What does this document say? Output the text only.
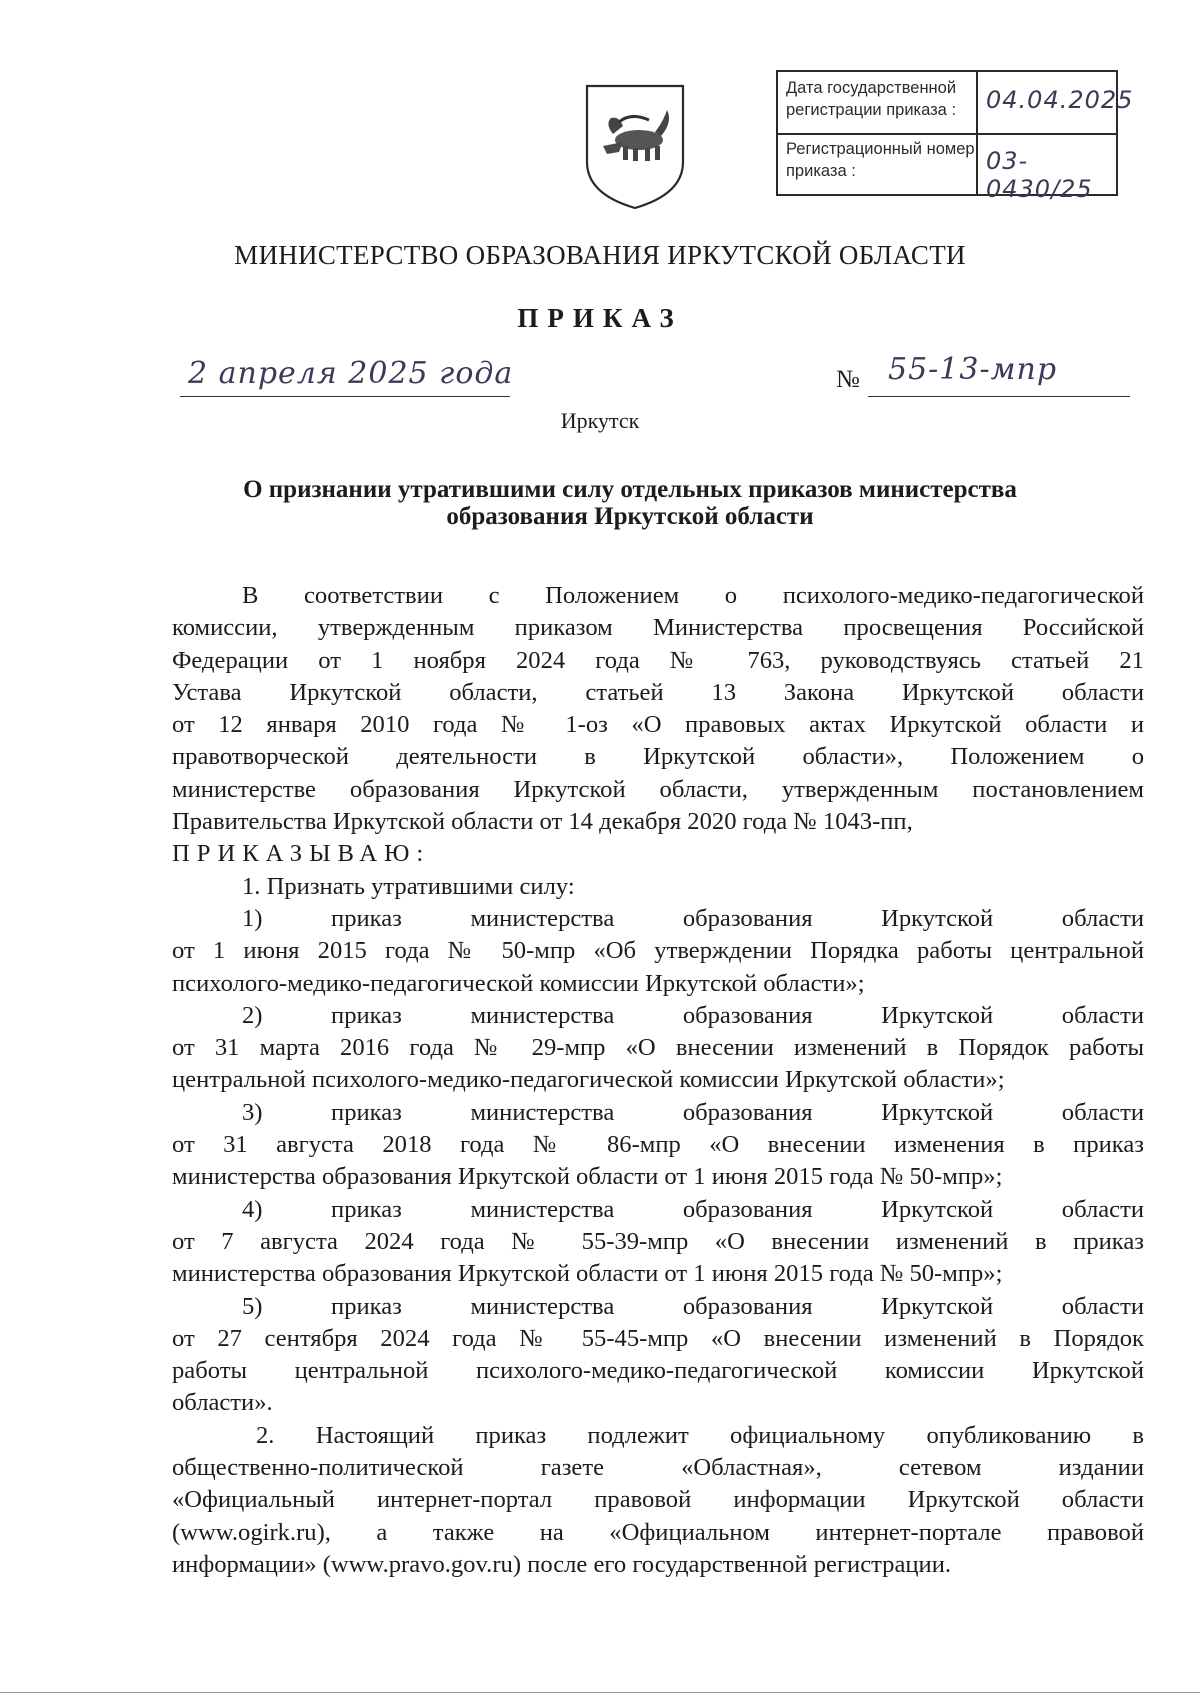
Дата государственной регистрации приказа :	04.04.2025
Регистрационный номер приказа :	03-0430/25
МИНИСТЕРСТВО ОБРАЗОВАНИЯ ИРКУТСКОЙ ОБЛАСТИ
ПРИКАЗ
2 апреля 2025 года	№ 55-13-мпр
Иркутск
О признании утратившими силу отдельных приказов министерства
образования Иркутской области

В соответствии с Положением о психолого-медико-педагогической

комиссии, утвержденным приказом Министерства просвещения Российской

Федерации от 1 ноября 2024 года № 763, руководствуясь статьей 21

Устава Иркутской области, статьей 13 Закона Иркутской области

от 12 января 2010 года № 1-оз «О правовых актах Иркутской области и

правотворческой деятельности в Иркутской области», Положением о

министерстве образования Иркутской области, утвержденным постановлением

Правительства Иркутской области от 14 декабря 2020 года № 1043-пп,

ПРИКАЗЫВАЮ:

1. Признать утратившими силу:

1) приказ министерства образования Иркутской области

от 1 июня 2015 года № 50-мпр «Об утверждении Порядка работы центральной

психолого-медико-педагогической комиссии Иркутской области»;

2) приказ министерства образования Иркутской области

от 31 марта 2016 года № 29-мпр «О внесении изменений в Порядок работы

центральной психолого-медико-педагогической комиссии Иркутской области»;

3) приказ министерства образования Иркутской области

от 31 августа 2018 года № 86-мпр «О внесении изменения в приказ

министерства образования Иркутской области от 1 июня 2015 года № 50-мпр»;

4) приказ министерства образования Иркутской области

от 7 августа 2024 года № 55-39-мпр «О внесении изменений в приказ

министерства образования Иркутской области от 1 июня 2015 года № 50-мпр»;

5) приказ министерства образования Иркутской области

от 27 сентября 2024 года № 55-45-мпр «О внесении изменений в Порядок

работы центральной психолого-медико-педагогической комиссии Иркутской

области».

2. Настоящий приказ подлежит официальному опубликованию в

общественно-политической газете «Областная», сетевом издании

«Официальный интернет-портал правовой информации Иркутской области

(www.ogirk.ru), а также на «Официальном интернет-портале правовой

информации» (www.pravo.gov.ru) после его государственной регистрации.
